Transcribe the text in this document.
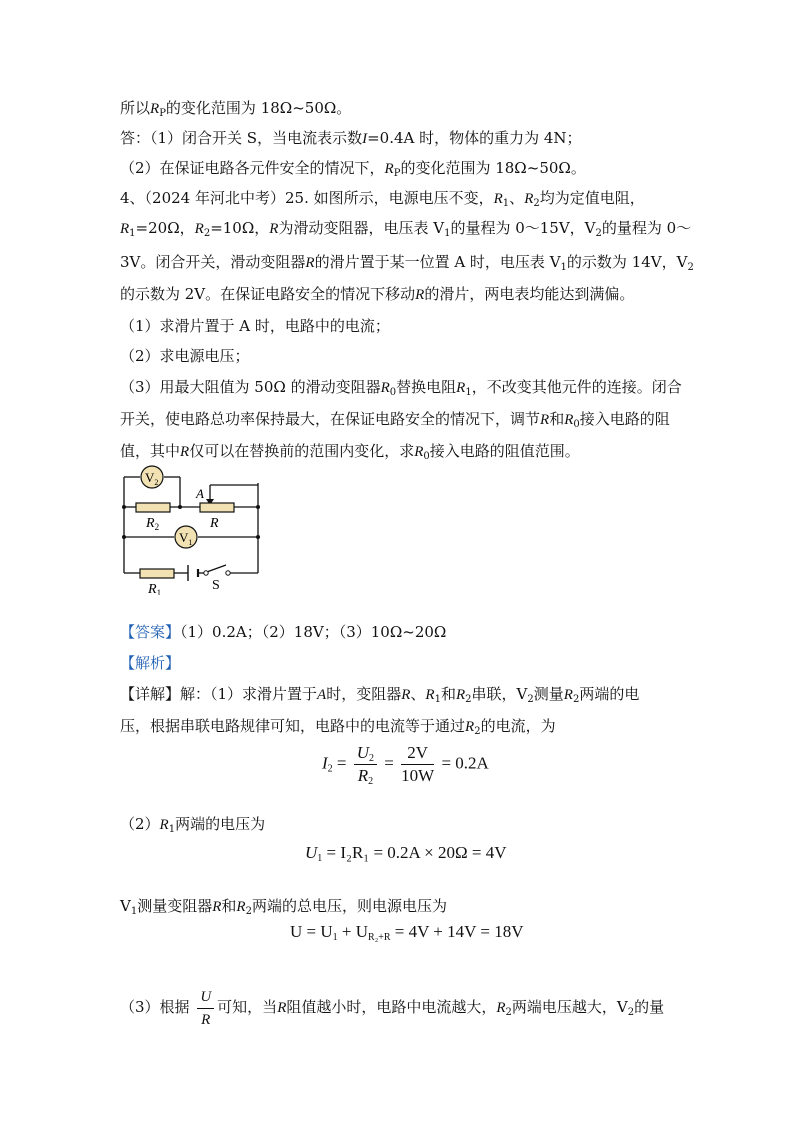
所以$R_P$的变化范围为 18Ω~50Ω。
答：（1）闭合开关 S，当电流表示数I=0.4A 时，物体的重力为 4N；
（2）在保证电路各元件安全的情况下，$R_P$的变化范围为 18Ω~50Ω。
4、（2024 年河北中考）25. 如图所示，电源电压不变，$R_1$、$R_2$均为定值电阻，
$R_1=20\Omega$，$R_2=10\Omega$，R为滑动变阻器，电压表 $V_1$的量程为 0～15V，$V_2$的量程为 0～
3V。闭合开关，滑动变阻器R的滑片置于某一位置 A 时，电压表 $V_1$的示数为 14V，$V_2$
的示数为 2V。在保证电路安全的情况下移动R的滑片，两电表均能达到满偏。
（1）求滑片置于 A 时，电路中的电流；
（2）求电源电压；
（3）用最大阻值为 50Ω 的滑动变阻器$R_0$替换电阻$R_1$，不改变其他元件的连接。闭合
开关，使电路总功率保持最大，在保证电路安全的情况下，调节R和$R_0$接入电路的阻
值，其中R仅可以在替换前的范围内变化，求$R_0$接入电路的阻值范围。
$V_2$
$V_1$
$R_2$	R
A
$R_1$	S
【答案】（1）0.2A；（2）18V；（3）10Ω~20Ω
【解析】
【详解】解：（1）求滑片置于A时，变阻器R、$R_1$和$R_2$串联，$V_2$测量$R_2$两端的电
压，根据串联电路规律可知，电路中的电流等于通过$R_2$的电流，为
$I_2 = \frac{U_2}{R_2} = \frac{2V}{10W} = 0.2A$
$(2)R_1$两端的电压为
$U_1 = I_2R_1 = 0.2A \times 20\Omega = 4V$
$V_1$测量变阻器R和$R_2$两端的总电压，则电源电压为
$U = U_1 + U_{R_2+R} = 4V + 14V = 18V$
（3）根据 $\frac{U}{R}$ 可知，当R阻值越小时，电路中电流越大，$R_2$两端电压越大，$V_2$的量
